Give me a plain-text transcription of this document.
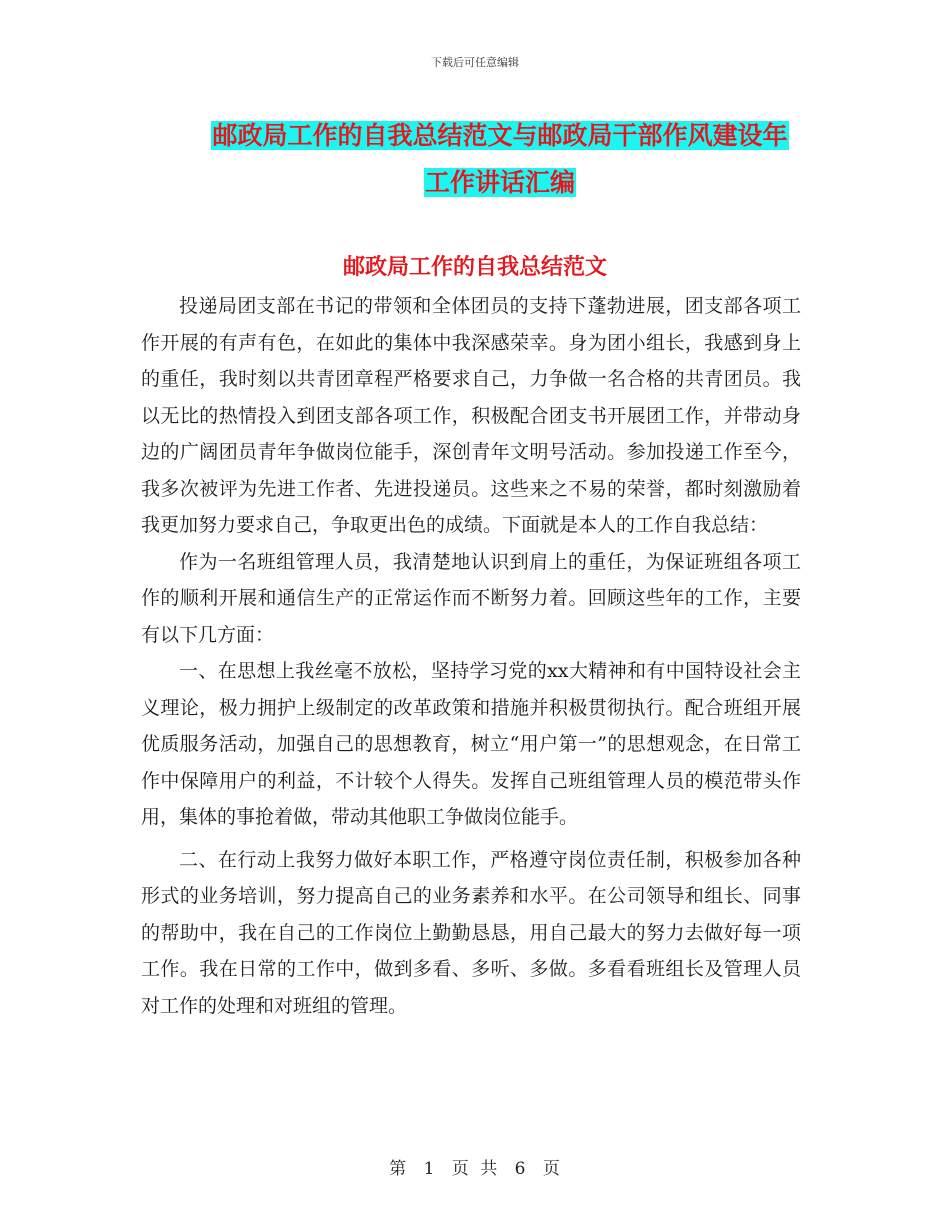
下载后可任意编辑
邮政局工作的自我总结范文与邮政局干部作风建设年
工作讲话汇编
邮政局工作的自我总结范文

投递局团支部在书记的带领和全体团员的支持下蓬勃进展，团支部各项工作开展的有声有色，在如此的集体中我深感荣幸。身为团小组长，我感到身上的重任，我时刻以共青团章程严格要求自己，力争做一名合格的共青团员。我以无比的热情投入到团支部各项工作，积极配合团支书开展团工作，并带动身边的广阔团员青年争做岗位能手，深创青年文明号活动。参加投递工作至今，我多次被评为先进工作者、先进投递员。这些来之不易的荣誉，都时刻激励着我更加努力要求自己，争取更出色的成绩。下面就是本人的工作自我总结：

作为一名班组管理人员，我清楚地认识到肩上的重任，为保证班组各项工作的顺利开展和通信生产的正常运作而不断努力着。回顾这些年的工作，主要有以下几方面：

一、在思想上我丝毫不放松，坚持学习党的xx大精神和有中国特设社会主义理论，极力拥护上级制定的改革政策和措施并积极贯彻执行。配合班组开展优质服务活动，加强自己的思想教育，树立“用户第一”的思想观念，在日常工作中保障用户的利益，不计较个人得失。发挥自己班组管理人员的模范带头作用，集体的事抢着做，带动其他职工争做岗位能手。

二、在行动上我努力做好本职工作，严格遵守岗位责任制，积极参加各种形式的业务培训，努力提高自己的业务素养和水平。在公司领导和组长、同事的帮助中，我在自己的工作岗位上勤勤恳恳，用自己最大的努力去做好每一项工作。我在日常的工作中，做到多看、多听、多做。多看看班组长及管理人员对工作的处理和对班组的管理。

第 1 页 共 6 页
